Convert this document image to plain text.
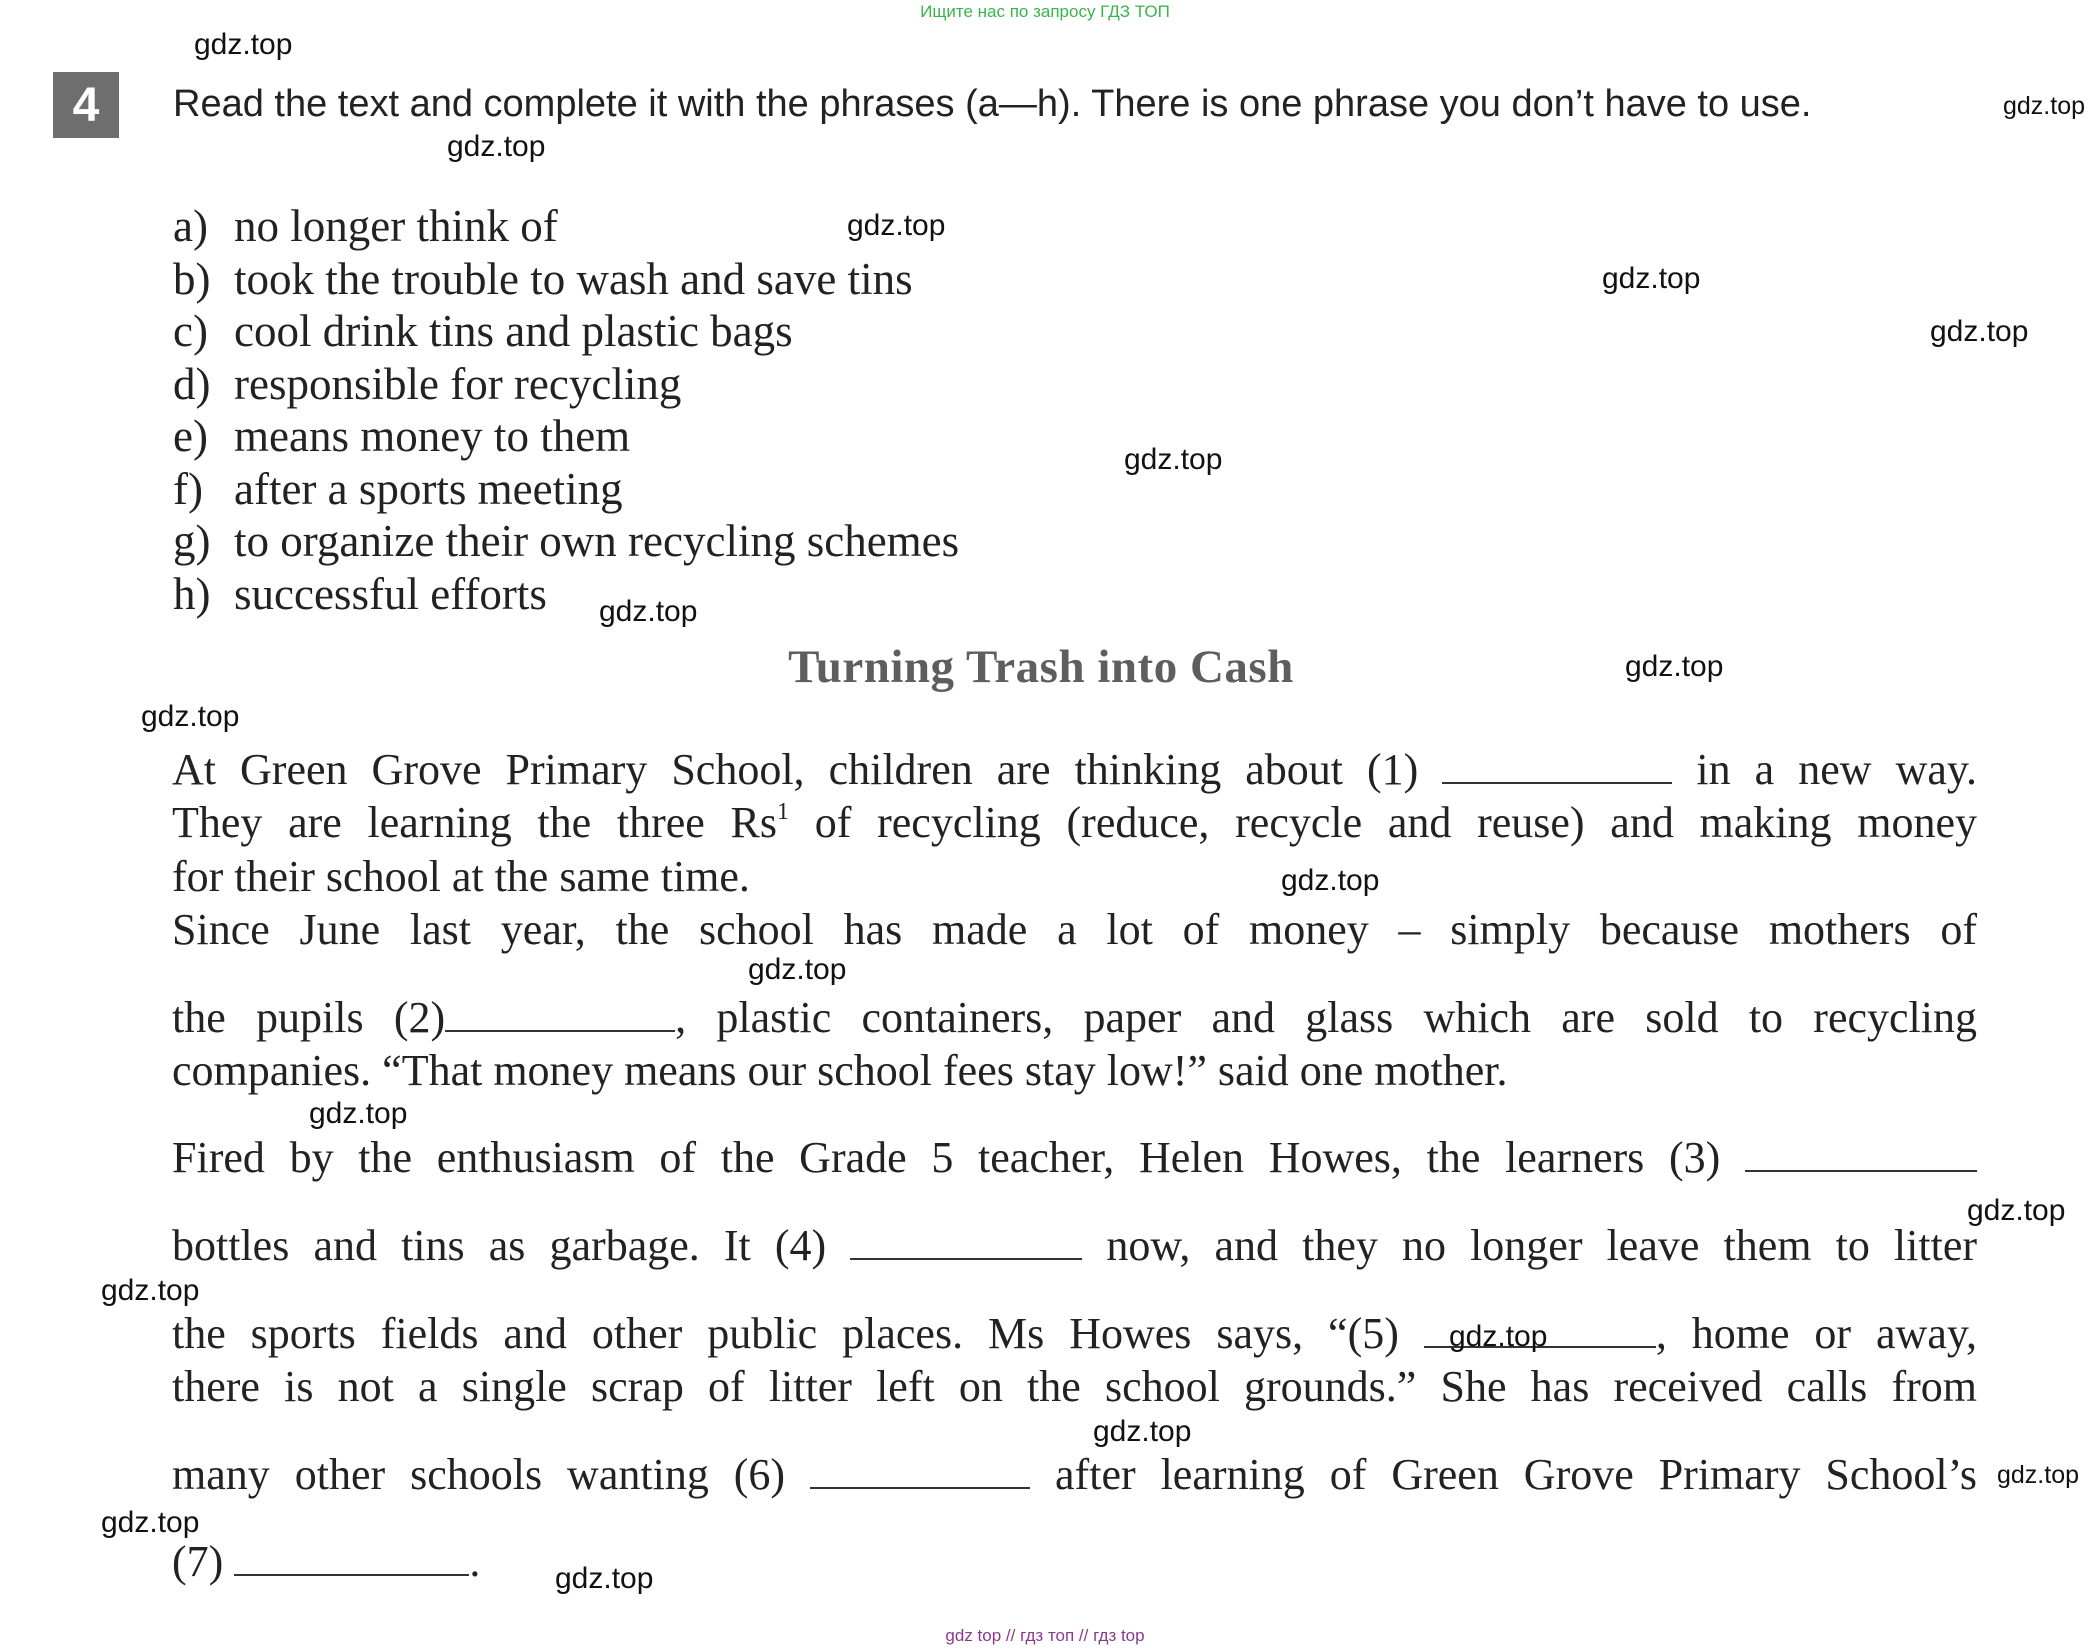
Ищите нас по запросу ГДЗ ТОП
4	Read the text and complete it with the phrases (a—h). There is one phrase you don’t have to use.
a) no longer think of
b) took the trouble to wash and save tins
c) cool drink tins and plastic bags
d) responsible for recycling
e) means money to them
f) after a sports meeting
g) to organize their own recycling schemes
h) successful efforts
Turning Trash into Cash
At Green Grove Primary School, children are thinking about (1)	in a new way.
They are learning the three Rs$^1$ of recycling (reduce, recycle and reuse) and making money
for their school at the same time.
Since June last year, the school has made a lot of money – simply because mothers of
the pupils (2)	, plastic containers, paper and glass which are sold to recycling
companies. “That money means our school fees stay low!” said one mother.
Fired by the enthusiasm of the Grade 5 teacher, Helen Howes, the learners (3)
bottles and tins as garbage. It (4)	now, and they no longer leave them to litter
the sports fields and other public places. Ms Howes says, “(5)	, home or away,
there is not a single scrap of litter left on the school grounds.” She has received calls from
many other schools wanting (6)	after learning of Green Grove Primary School’s
(7)	.
gdz.top
gdz.top
gdz.top
gdz.top
gdz.top
gdz.top
gdz.top
gdz.top
gdz.top
gdz.top
gdz.top
gdz.top
gdz.top
gdz.top
gdz.top
gdz.top
gdz.top
gdz.top
gdz.top
gdz.top
gdz top // гдз топ // гдз top
